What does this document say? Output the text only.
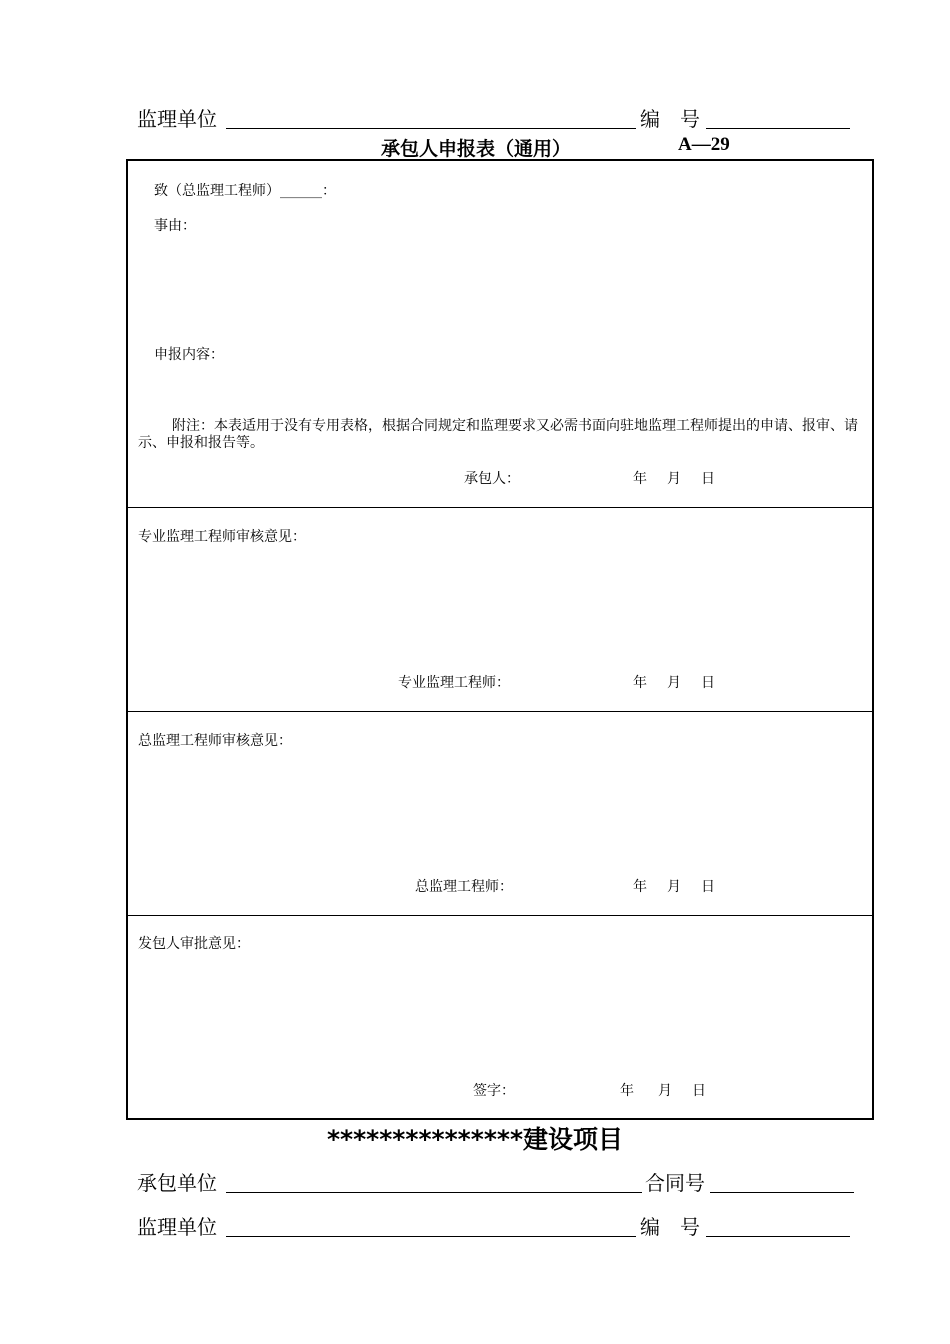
监理单位	编　号
承包人申报表（通用）	A—29
致（总监理工程师）______：
事由：
申报内容：
附注：本表适用于没有专用表格，根据合同规定和监理要求又必需书面向驻地监理工程师提出的申请、报审、请示、申报和报告等。
承包人：	年 月 日
专业监理工程师审核意见：
专业监理工程师：	年 月 日
总监理工程师审核意见：
总监理工程师：	年 月 日
发包人审批意见：
签字：	年 月 日
***************建设项目
承包单位	合同号
监理单位	编　号
